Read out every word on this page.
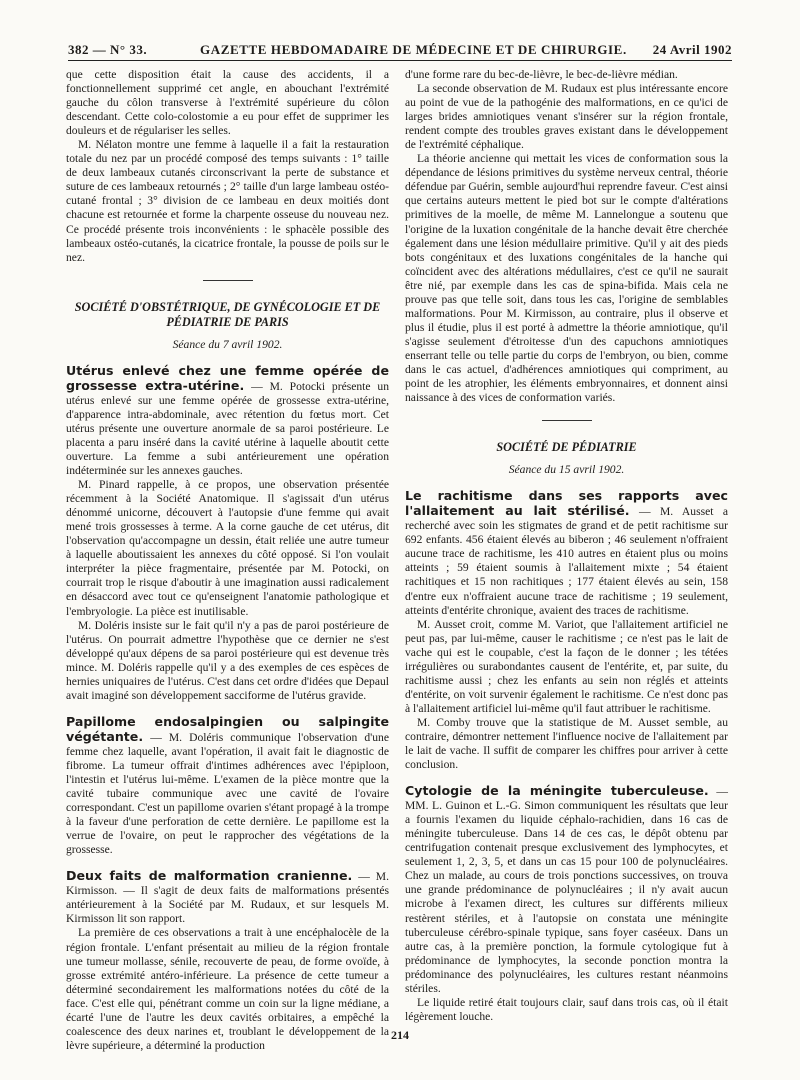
382 — N° 33.	GAZETTE HEBDOMADAIRE DE MÉDECINE ET DE CHIRURGIE. 24 Avril 1902

que cette disposition était la cause des accidents, il a fonctionnellement supprimé cet angle, en abouchant l'extrémité gauche du côlon transverse à l'extrémité supérieure du côlon descendant. Cette colo-colostomie a eu pour effet de supprimer les douleurs et de régulariser les selles.

M. Nélaton montre une femme à laquelle il a fait la restauration totale du nez par un procédé composé des temps suivants : 1° taille de deux lambeaux cutanés circonscrivant la perte de substance et suture de ces lambeaux retournés ; 2° taille d'un large lambeau ostéo-cutané frontal ; 3° division de ce lambeau en deux moitiés dont chacune est retournée et forme la charpente osseuse du nouveau nez. Ce procédé présente trois inconvénients : le sphacèle possible des lambeaux ostéo-cutanés, la cicatrice frontale, la pousse de poils sur le nez.

SOCIÉTÉ D'OBSTÉTRIQUE, DE GYNÉCOLOGIE ET DE PÉDIATRIE DE PARIS
Séance du 7 avril 1902.

Utérus enlevé chez une femme opérée de grossesse extra-utérine. — M. Potocki présente un utérus enlevé sur une femme opérée de grossesse extra-utérine, d'apparence intra-abdominale, avec rétention du fœtus mort. Cet utérus présente une ouverture anormale de sa paroi postérieure. Le placenta a paru inséré dans la cavité utérine à laquelle aboutit cette ouverture. La femme a subi antérieurement une opération indéterminée sur les annexes gauches.

M. Pinard rappelle, à ce propos, une observation présentée récemment à la Société Anatomique. Il s'agissait d'un utérus dénommé unicorne, découvert à l'autopsie d'une femme qui avait mené trois grossesses à terme. A la corne gauche de cet utérus, dit l'observation qu'accompagne un dessin, était reliée une autre tumeur à laquelle aboutissaient les annexes du côté opposé. Si l'on voulait interpréter la pièce fragmentaire, présentée par M. Potocki, on courrait trop le risque d'aboutir à une imagination aussi radicalement en désaccord avec tout ce qu'enseignent l'anatomie pathologique et l'embryologie. La pièce est inutilisable.

M. Doléris insiste sur le fait qu'il n'y a pas de paroi postérieure de l'utérus. On pourrait admettre l'hypothèse que ce dernier ne s'est développé qu'aux dépens de sa paroi postérieure qui est devenue très mince. M. Doléris rappelle qu'il y a des exemples de ces espèces de hernies uniquaires de l'utérus. C'est dans cet ordre d'idées que Depaul avait imaginé son développement sacciforme de l'utérus gravide.

Papillome endosalpingien ou salpingite végétante. — M. Doléris communique l'observation d'une femme chez laquelle, avant l'opération, il avait fait le diagnostic de fibrome. La tumeur offrait d'intimes adhérences avec l'épiploon, l'intestin et l'utérus lui-même. L'examen de la pièce montre que la cavité tubaire communique avec une cavité de l'ovaire correspondant. C'est un papillome ovarien s'étant propagé à la trompe à la faveur d'une perforation de cette dernière. Le papillome est la verrue de l'ovaire, on peut le rapprocher des végétations de la grossesse.

Deux faits de malformation cranienne. — M. Kirmisson. — Il s'agit de deux faits de malformations présentés antérieurement à la Société par M. Rudaux, et sur lesquels M. Kirmisson lit son rapport.

La première de ces observations a trait à une encéphalocèle de la région frontale. L'enfant présentait au milieu de la région frontale une tumeur mollasse, sénile, recouverte de peau, de forme ovoïde, à grosse extrémité antéro-inférieure. La présence de cette tumeur a déterminé secondairement les malformations notées du côté de la face. C'est elle qui, pénétrant comme un coin sur la ligne médiane, a écarté l'une de l'autre les deux cavités orbitaires, a empêché la coalescence des deux narines et, troublant le développement de la lèvre supérieure, a déterminé la production

d'une forme rare du bec-de-lièvre, le bec-de-lièvre médian.

La seconde observation de M. Rudaux est plus intéressante encore au point de vue de la pathogénie des malformations, en ce qu'ici de larges brides amniotiques venant s'insérer sur la région frontale, rendent compte des troubles graves existant dans le développement de l'extrémité céphalique.

La théorie ancienne qui mettait les vices de conformation sous la dépendance de lésions primitives du système nerveux central, théorie défendue par Guérin, semble aujourd'hui reprendre faveur. C'est ainsi que certains auteurs mettent le pied bot sur le compte d'altérations primitives de la moelle, de même M. Lannelongue a soutenu que l'origine de la luxation congénitale de la hanche devait être cherchée également dans une lésion médullaire primitive. Qu'il y ait des pieds bots congénitaux et des luxations congénitales de la hanche qui coïncident avec des altérations médullaires, c'est ce qu'il ne saurait être nié, par exemple dans les cas de spina-bifida. Mais cela ne prouve pas que telle soit, dans tous les cas, l'origine de semblables malformations. Pour M. Kirmisson, au contraire, plus il observe et plus il étudie, plus il est porté à admettre la théorie amniotique, qu'il s'agisse seulement d'étroitesse d'un des capuchons amniotiques enserrant telle ou telle partie du corps de l'embryon, ou bien, comme dans le cas actuel, d'adhérences amniotiques qui compriment, au point de les atrophier, les éléments embryonnaires, et donnent ainsi naissance à des vices de conformation variés.

SOCIÉTÉ DE PÉDIATRIE
Séance du 15 avril 1902.

Le rachitisme dans ses rapports avec l'allaitement au lait stérilisé. — M. Ausset a recherché avec soin les stigmates de grand et de petit rachitisme sur 692 enfants. 456 étaient élevés au biberon ; 46 seulement n'offraient aucune trace de rachitisme, les 410 autres en étaient plus ou moins atteints ; 59 étaient soumis à l'allaitement mixte ; 54 étaient rachitiques et 15 non rachitiques ; 177 étaient élevés au sein, 158 d'entre eux n'offraient aucune trace de rachitisme ; 19 seulement, atteints d'entérite chronique, avaient des traces de rachitisme.

M. Ausset croit, comme M. Variot, que l'allaitement artificiel ne peut pas, par lui-même, causer le rachitisme ; ce n'est pas le lait de vache qui est le coupable, c'est la façon de le donner ; les tétées irrégulières ou surabondantes causent de l'entérite, et, par suite, du rachitisme aussi ; chez les enfants au sein non réglés et atteints d'entérite, on voit survenir également le rachitisme. Ce n'est donc pas à l'allaitement artificiel lui-même qu'il faut attribuer le rachitisme.

M. Comby trouve que la statistique de M. Ausset semble, au contraire, démontrer nettement l'influence nocive de l'allaitement par le lait de vache. Il suffit de comparer les chiffres pour arriver à cette conclusion.

Cytologie de la méningite tuberculeuse. — MM. L. Guinon et L.-G. Simon communiquent les résultats que leur a fournis l'examen du liquide céphalo-rachidien, dans 16 cas de méningite tuberculeuse. Dans 14 de ces cas, le dépôt obtenu par centrifugation contenait presque exclusivement des lymphocytes, et seulement 1, 2, 3, 5, et dans un cas 15 pour 100 de polynucléaires. Chez un malade, au cours de trois ponctions successives, on trouva une grande prédominance de polynucléaires ; il n'y avait aucun microbe à l'examen direct, les cultures sur différents milieux restèrent stériles, et à l'autopsie on constata une méningite tuberculeuse cérébro-spinale typique, sans foyer caséeux. Dans un autre cas, à la première ponction, la formule cytologique fut à prédominance de lymphocytes, la seconde ponction montra la prédominance des polynucléaires, les cultures restant néanmoins stériles.

Le liquide retiré était toujours clair, sauf dans trois cas, où il était légèrement louche.

214
